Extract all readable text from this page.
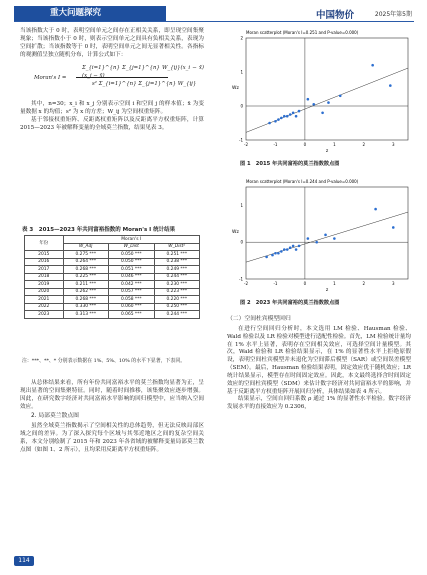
重大问题探究	中国物价	2025年第5期

当该指数大于 0 时，表明空间单元之间存在正相关关系，即呈现空间集聚现象；当该指数小于 0 时，则表示空间单元之间具有负相关关系，表现为空间扩散；当该指数等于 0 时，表明空间单元之间无显著相关性。各指标的观测值呈独立随机分布，计算公式如下：

Moran's I =
Σ_{i=1}^{n} Σ_{j=1}^{n} W_{ij}(x_i − x̄)(x_j − x̄)
s² Σ_{i=1}^{n} Σ_{j=1}^{n} W_{ij}

其中，n=30；x_i 和 x_j 分别表示空间 i 和空间 j 的样本值；x̄ 为变量数据 x 的均值；s² 为 x 的方差；W_ij 为空间权重矩阵。

基于邻接权重矩阵、反距离权重矩阵以及反距离平方权重矩阵，计算 2015—2023 年被解释变量的全域莫兰指数，结果见表 3。

表 3　2015—2023 年共同富裕指数的 Moran's I 统计结果
年份	Moran's I		
	W_Adj	W_Dist	W_Dist²
2015	0.275 ***	0.050 ***	0.251 ***
2016	0.264 ***	0.050 ***	0.238 ***
2017	0.268 ***	0.051 ***	0.249 ***
2018	0.225 ***	0.046 ***	0.244 ***
2019	0.211 ***	0.042 ***	0.230 ***
2020	0.262 ***	0.057 ***	0.223 ***
2021	0.268 ***	0.058 ***	0.220 ***
2022	0.330 ***	0.060 ***	0.250 ***
2023	0.313 ***	0.065 ***	0.244 ***
注：***、**、* 分别表示数据在 1%、5%、10% 的水平下显著，下表同。

从总体结果来看，所有年份共同富裕水平的莫兰指数均显著为正，呈现出显著的空间集聚特征。同时，随着时间推移，该集聚效应逐步增强。因此，在研究数字经济对共同富裕水平影响的回归模型中，应当纳入空间效应。

2. 局部莫兰散点图

虽然全域莫兰指数揭示了空间相关性的总体趋势，但无法反映局部区域之间的差异。为了深入探究每个区域与其邻近地区之间的复杂空间关系，本文分别绘制了 2015 年和 2023 年各省域的被解释变量局部莫兰散点图（如图 1、2 所示），且均采用反距离平方权重矩阵。

Moran scatterplot (Moran's I=0.251 and P-value=0.000)
-2	-1	0	1	2	3
-1
0
1
2
z
Wz
图 1　2015 年共同富裕的莫兰指数散点图
Moran scatterplot (Moran's I=0.244 and P-value=0.000)
-2	-1	0	1	2	3
-1
0
1
z
Wz
图 2　2023 年共同富裕的莫兰指数散点图
（二）空间杜宾模型回归

在进行空间回归分析时，本文选用 LM 检验、Hausman 检验、Wald 检验以及 LR 检验对模型进行适配性检验。首先，LM 检验统计量均在 1% 水平上显著，表明存在空间相关效应，可选择空间计量模型。其次，Wald 检验和 LR 检验结果显示，在 1% 的显著性水平上拒绝原假设，表明空间杜宾模型并未退化为空间滞后模型（SAR）或空间误差模型（SEM）。最后，Hausman 检验结果表明，固定效应优于随机效应；LR 统计结果显示，模型存在时间固定效应。因此，本文最终选择含时间固定效应的空间杜宾模型（SDM）来估计数字经济对共同富裕水平的影响，并基于反距离平方权重矩阵开展回归分析，具体结果如表 4 所示。

结果显示，空间自回归系数 ρ 通过 1% 的显著性水平检验。数字经济发展水平的直接效应为 0.2306，

114
